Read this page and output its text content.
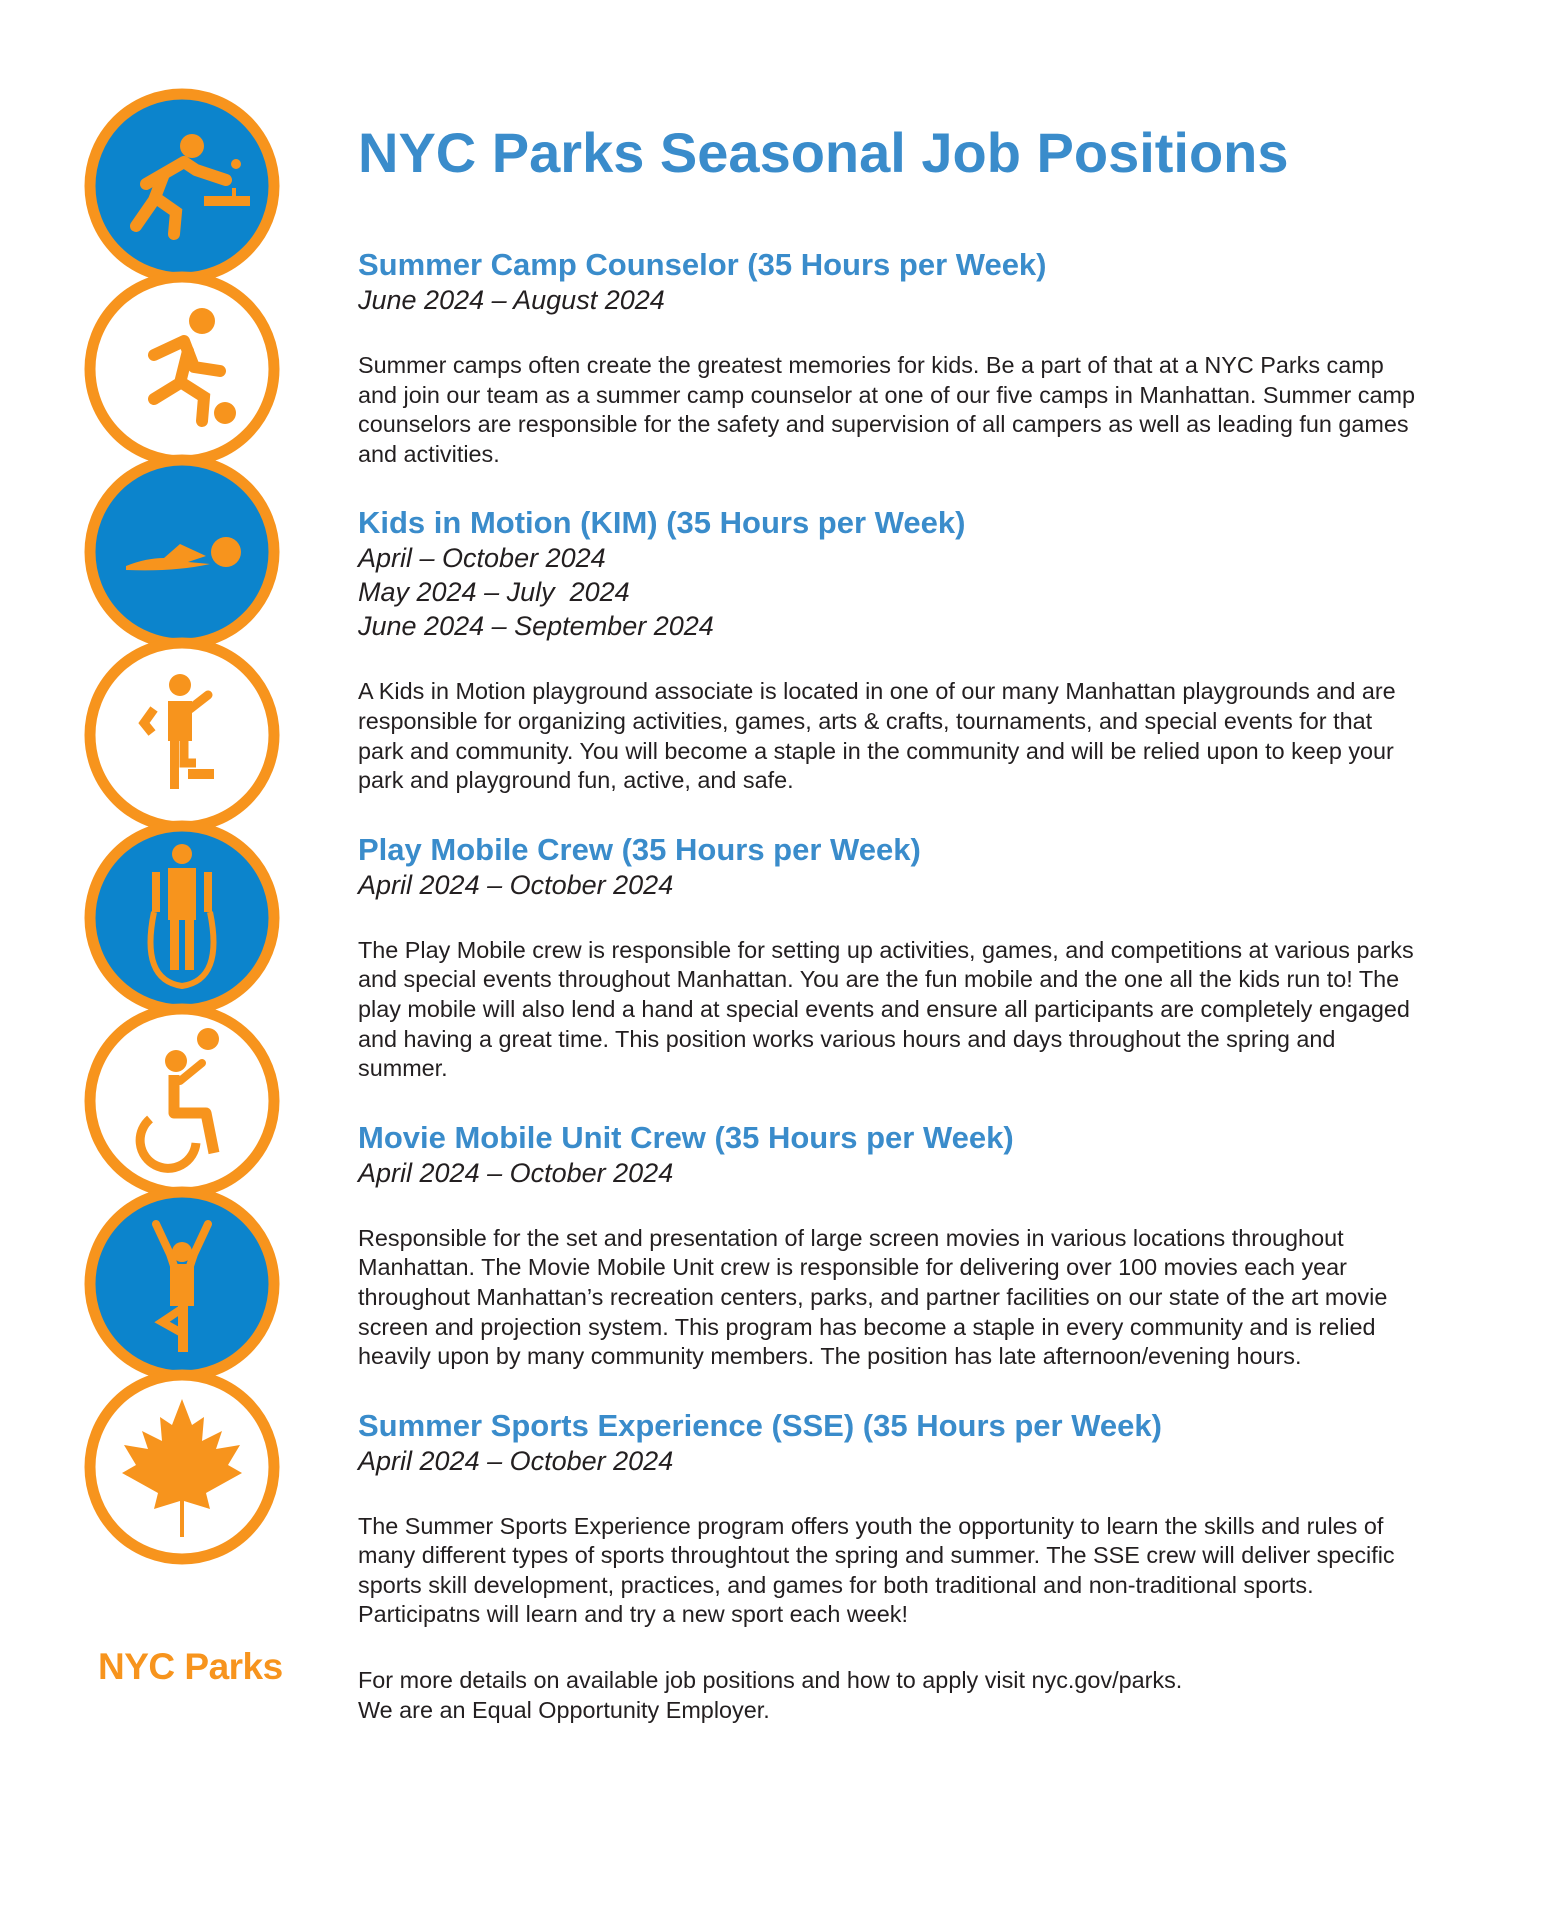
NYC Parks
NYC Parks Seasonal Job Positions
Summer Camp Counselor (35 Hours per Week)
June 2024 – August 2024

Summer camps often create the greatest memories for kids. Be a part of that at a NYC Parks camp and join our team as a summer camp counselor at one of our five camps in Manhattan. Summer camp counselors are responsible for the safety and supervision of all campers as well as leading fun games and activities.

Kids in Motion (KIM) (35 Hours per Week)
April – October 2024
May 2024 – July  2024
June 2024 – September 2024

A Kids in Motion playground associate is located in one of our many Manhattan playgrounds and are responsible for organizing activities, games, arts & crafts, tournaments, and special events for that park and community. You will become a staple in the community and will be relied upon to keep your park and playground fun, active, and safe.

Play Mobile Crew (35 Hours per Week)
April 2024 – October 2024

The Play Mobile crew is responsible for setting up activities, games, and competitions at various parks and special events throughout Manhattan. You are the fun mobile and the one all the kids run to! The play mobile will also lend a hand at special events and ensure all participants are completely engaged and having a great time. This position works various hours and days throughout the spring and summer.

Movie Mobile Unit Crew (35 Hours per Week)
April 2024 – October 2024

Responsible for the set and presentation of large screen movies in various locations throughout Manhattan. The Movie Mobile Unit crew is responsible for delivering over 100 movies each year throughout Manhattan’s recreation centers, parks, and partner facilities on our state of the art movie screen and projection system. This program has become a staple in every community and is relied heavily upon by many community members. The position has late afternoon/evening hours.

Summer Sports Experience (SSE) (35 Hours per Week)
April 2024 – October 2024

The Summer Sports Experience program offers youth the opportunity to learn the skills and rules of many different types of sports throughtout the spring and summer. The SSE crew will deliver specific sports skill development, practices, and games for both traditional and non-traditional sports. Participatns will learn and try a new sport each week!

For more details on available job positions and how to apply visit nyc.gov/parks.
We are an Equal Opportunity Employer.
